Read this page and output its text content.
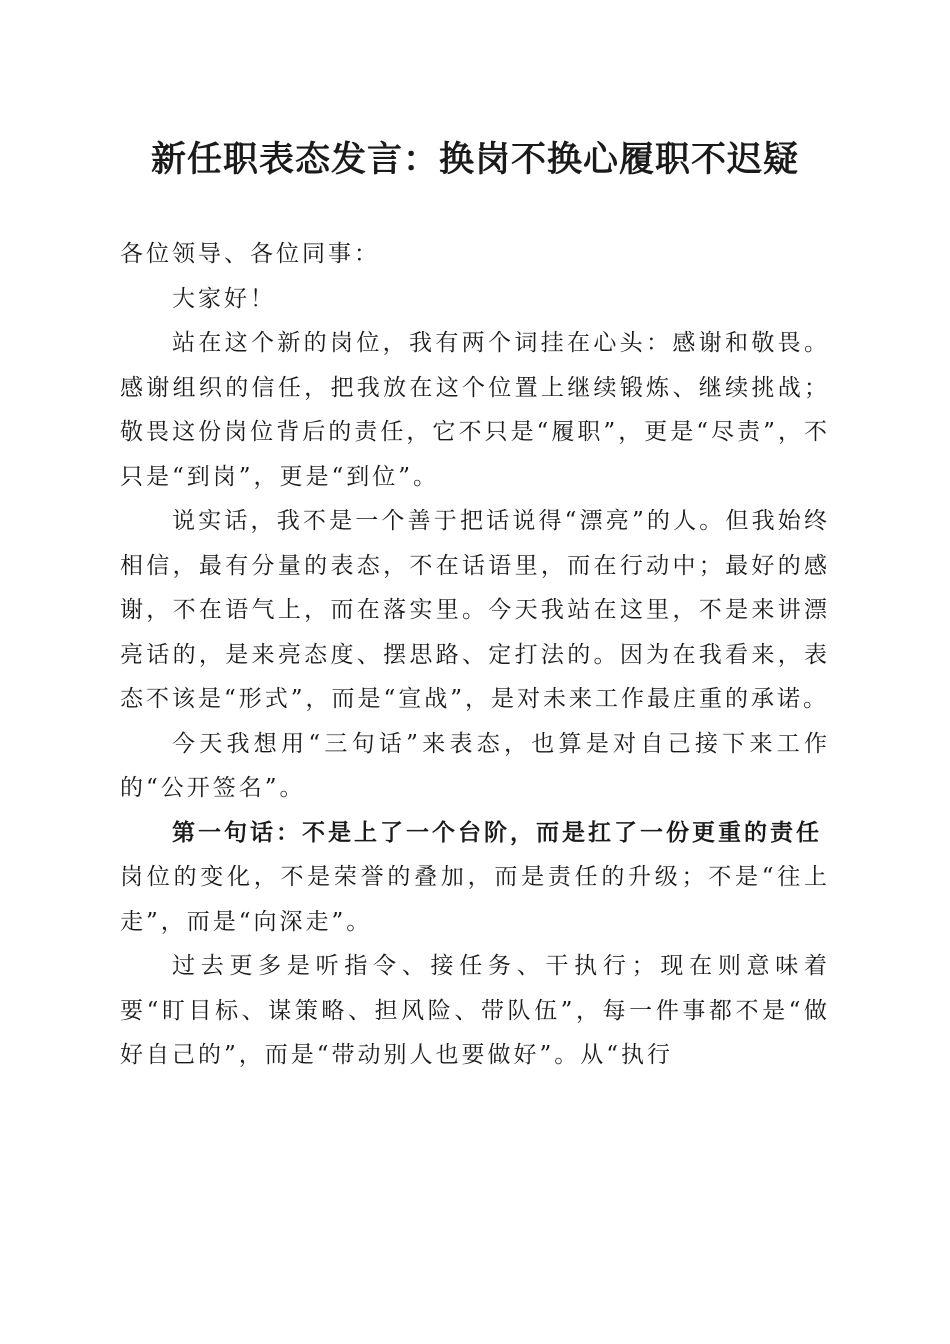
新任职表态发言：换岗不换心履职不迟疑

各位领导、各位同事：

大家好！

站在这个新的岗位，我有两个词挂在心头：感谢和敬畏。感谢组织的信任，把我放在这个位置上继续锻炼、继续挑战；敬畏这份岗位背后的责任，它不只是“履职”，更是“尽责”，不只是“到岗”，更是“到位”。

说实话，我不是一个善于把话说得“漂亮”的人。但我始终相信，最有分量的表态，不在话语里，而在行动中；最好的感谢，不在语气上，而在落实里。今天我站在这里，不是来讲漂亮话的，是来亮态度、摆思路、定打法的。因为在我看来，表态不该是“形式”，而是“宣战”，是对未来工作最庄重的承诺。

今天我想用“三句话”来表态，也算是对自己接下来工作的“公开签名”。

第一句话：不是上了一个台阶，而是扛了一份更重的责任

岗位的变化，不是荣誉的叠加，而是责任的升级；不是“往上走”，而是“向深走”。

过去更多是听指令、接任务、干执行；现在则意味着要“盯目标、谋策略、担风险、带队伍”，每一件事都不是“做好自己的”，而是“带动别人也要做好”。从“执行
